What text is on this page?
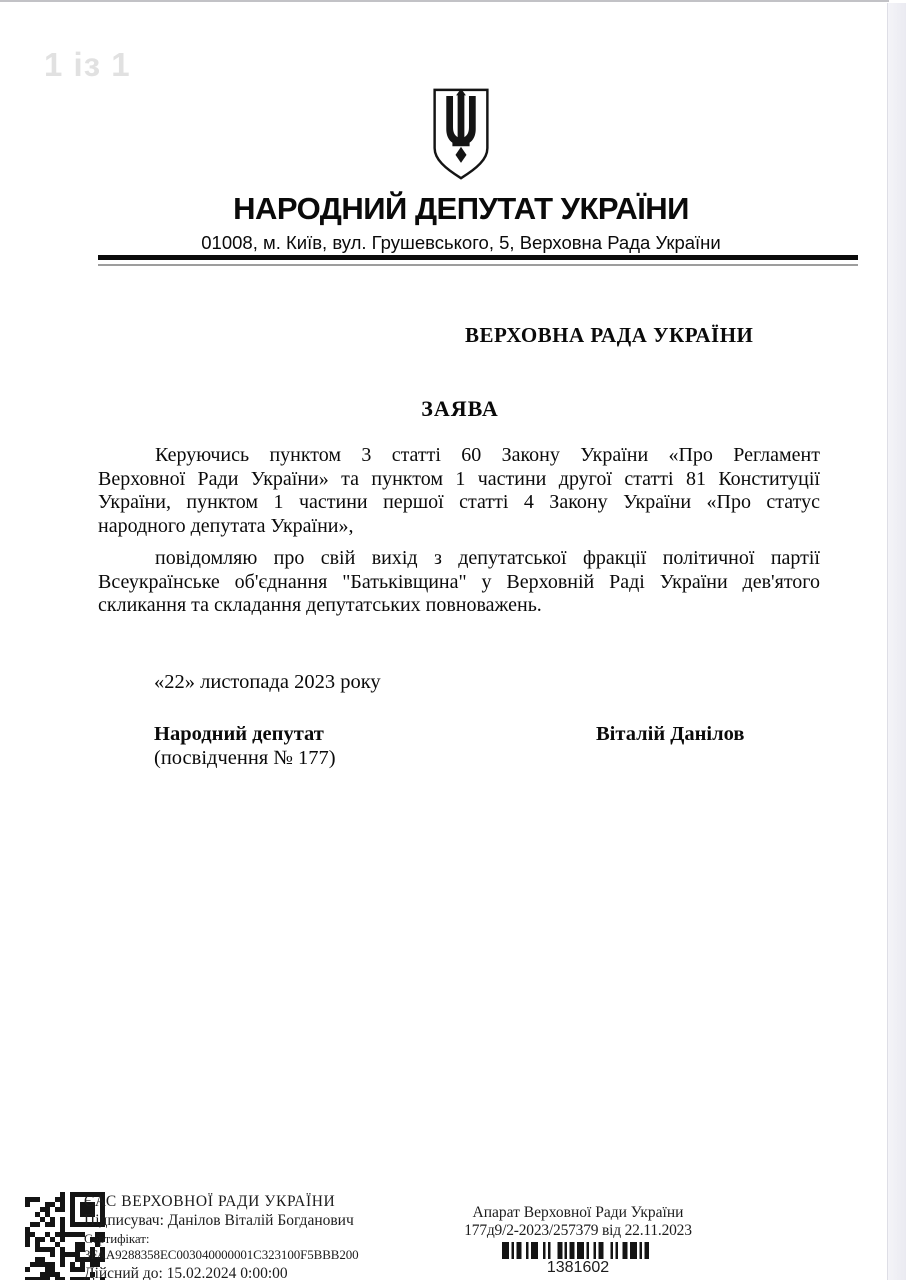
1 із 1
НАРОДНИЙ ДЕПУТАТ УКРАЇНИ
01008, м. Київ, вул. Грушевського, 5, Верховна Рада України
ВЕРХОВНА РАДА УКРАЇНИ
ЗАЯВА
Керуючись пунктом 3 статті 60 Закону України «Про Регламент
Верховної Ради України» та пунктом 1 частини другої статті 81 Конституції
України, пунктом 1 частини першої статті 4 Закону України «Про статус
народного депутата України»,
повідомляю про свій вихід з депутатської фракції політичної партії
Всеукраїнське об'єднання "Батьківщина" у Верховній Раді України дев'ятого
скликання та складання депутатських повноважень.
«22» листопада 2023 року
Народний депутат
(посвідчення № 177)
Віталій Данілов
ЄАС ВЕРХОВНОЇ РАДИ УКРАЇНИ
Підписувач: Данілов Віталій Богданович
Сертифікат: 3FAA9288358EC003040000001C323100F5BBB200
Дійсний до: 15.02.2024 0:00:00
Апарат Верховної Ради України
177д9/2-2023/257379 від 22.11.2023
1381602
